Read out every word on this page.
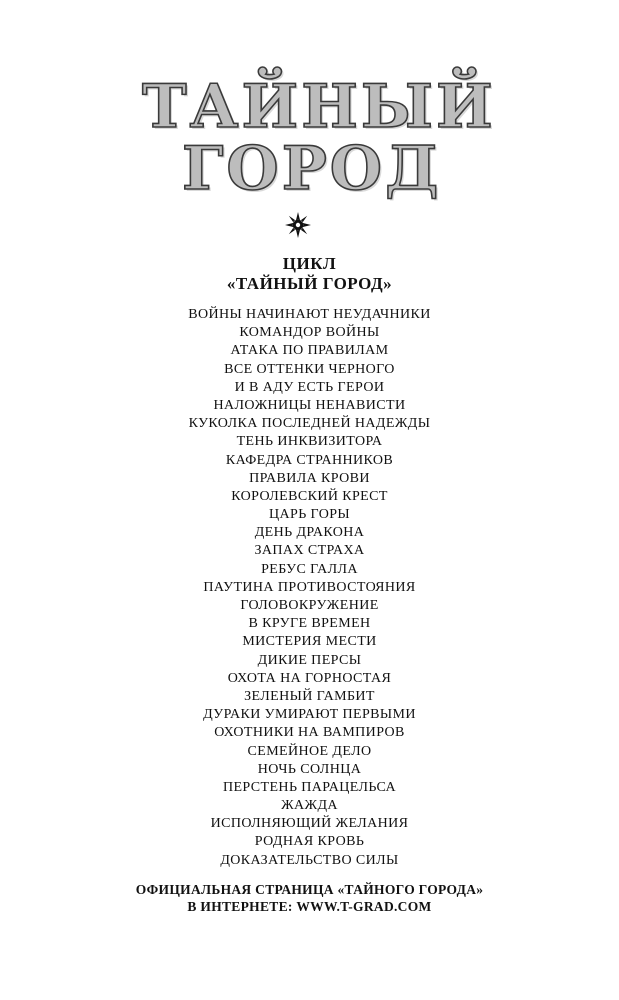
ТАЙНЫЙ
ГОРОД
ЦИКЛ
«ТАЙНЫЙ ГОРОД»
ВОЙНЫ НАЧИНАЮТ НЕУДАЧНИКИ
КОМАНДОР ВОЙНЫ
АТАКА ПО ПРАВИЛАМ
ВСЕ ОТТЕНКИ ЧЕРНОГО
И В АДУ ЕСТЬ ГЕРОИ
НАЛОЖНИЦЫ НЕНАВИСТИ
КУКОЛКА ПОСЛЕДНЕЙ НАДЕЖДЫ
ТЕНЬ ИНКВИЗИТОРА
КАФЕДРА СТРАННИКОВ
ПРАВИЛА КРОВИ
КОРОЛЕВСКИЙ КРЕСТ
ЦАРЬ ГОРЫ
ДЕНЬ ДРАКОНА
ЗАПАХ СТРАХА
РЕБУС ГАЛЛА
ПАУТИНА ПРОТИВОСТОЯНИЯ
ГОЛОВОКРУЖЕНИЕ
В КРУГЕ ВРЕМЕН
МИСТЕРИЯ МЕСТИ
ДИКИЕ ПЕРСЫ
ОХОТА НА ГОРНОСТАЯ
ЗЕЛЕНЫЙ ГАМБИТ
ДУРАКИ УМИРАЮТ ПЕРВЫМИ
ОХОТНИКИ НА ВАМПИРОВ
СЕМЕЙНОЕ ДЕЛО
НОЧЬ СОЛНЦА
ПЕРСТЕНЬ ПАРАЦЕЛЬСА
ЖАЖДА
ИСПОЛНЯЮЩИЙ ЖЕЛАНИЯ
РОДНАЯ КРОВЬ
ДОКАЗАТЕЛЬСТВО СИЛЫ
ОФИЦИАЛЬНАЯ СТРАНИЦА «ТАЙНОГО ГОРОДА»
В ИНТЕРНЕТЕ: WWW.T-GRAD.COM
